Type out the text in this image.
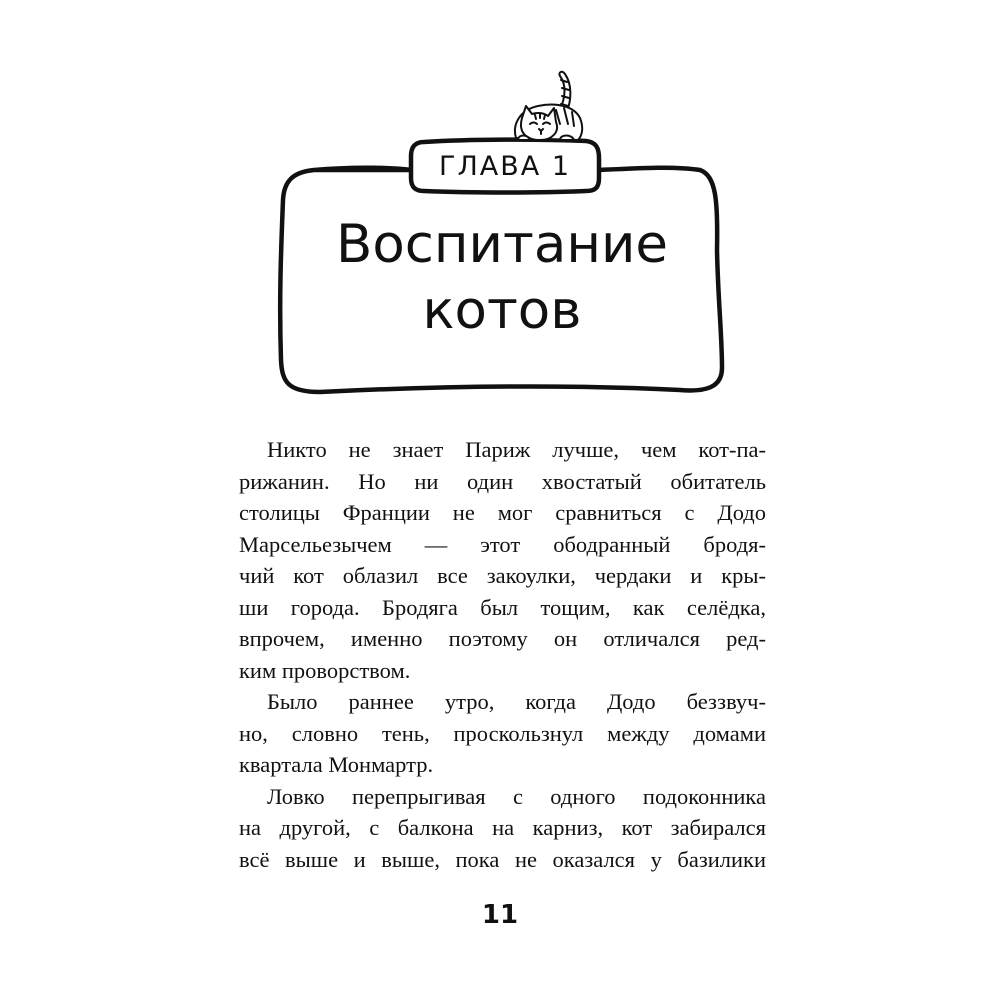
ГЛАВА 1
Воспитание
котов
Никто не знает Париж лучше, чем кот-па-
рижанин. Но ни один хвостатый обитатель
столицы Франции не мог сравниться с Додо
Марсельезычем — этот ободранный бродя-
чий кот облазил все закоулки, чердаки и кры-
ши города. Бродяга был тощим, как селёдка,
впрочем, именно поэтому он отличался ред-
ким проворством.
Было раннее утро, когда Додо беззвуч-
но, словно тень, проскользнул между домами
квартала Монмартр.
Ловко перепрыгивая с одного подоконника
на другой, с балкона на карниз, кот забирался
всё выше и выше, пока не оказался у базилики
11
